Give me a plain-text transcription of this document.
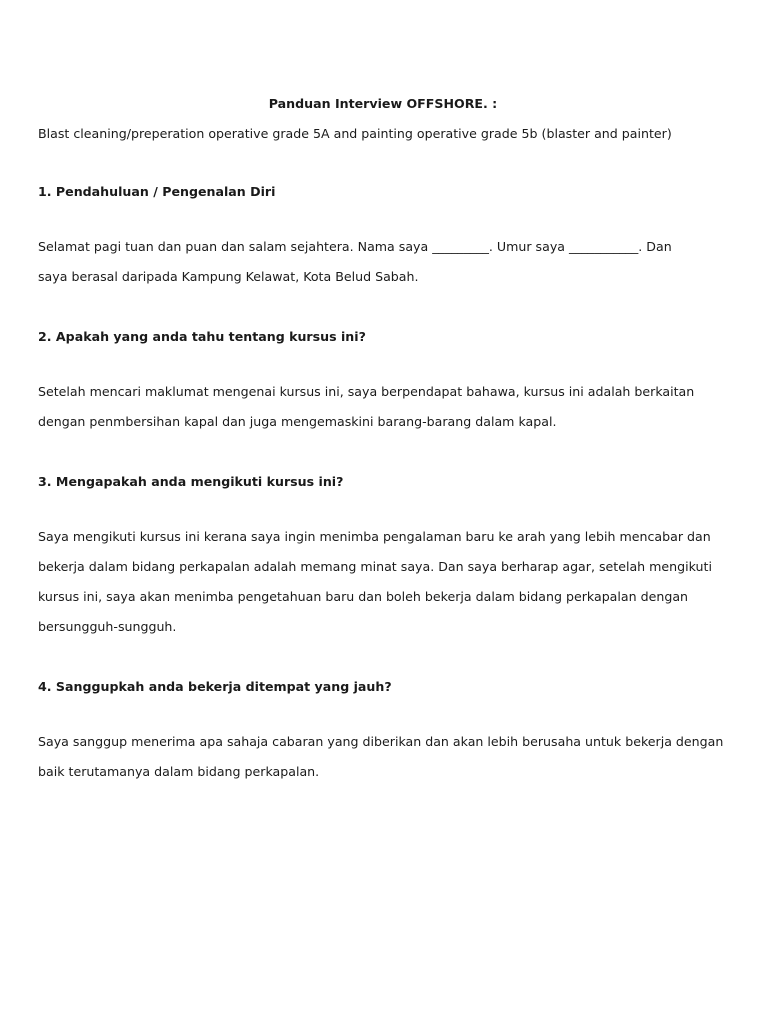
Panduan Interview OFFSHORE. :

Blast cleaning/preperation operative grade 5A and painting operative grade 5b (blaster and painter)

1. Pendahuluan / Pengenalan Diri

Selamat pagi tuan dan puan dan salam sejahtera. Nama saya _________. Umur saya ___________. Dan
saya berasal daripada Kampung Kelawat, Kota Belud Sabah.

2. Apakah yang anda tahu tentang kursus ini?

Setelah mencari maklumat mengenai kursus ini, saya berpendapat bahawa, kursus ini adalah berkaitan
dengan penmbersihan kapal dan juga mengemaskini barang-barang dalam kapal.

3. Mengapakah anda mengikuti kursus ini?

Saya mengikuti kursus ini kerana saya ingin menimba pengalaman baru ke arah yang lebih mencabar dan
bekerja dalam bidang perkapalan adalah memang minat saya. Dan saya berharap agar, setelah mengikuti
kursus ini, saya akan menimba pengetahuan baru dan boleh bekerja dalam bidang perkapalan dengan
bersungguh-sungguh.

4. Sanggupkah anda bekerja ditempat yang jauh?

Saya sanggup menerima apa sahaja cabaran yang diberikan dan akan lebih berusaha untuk bekerja dengan
baik terutamanya dalam bidang perkapalan.
